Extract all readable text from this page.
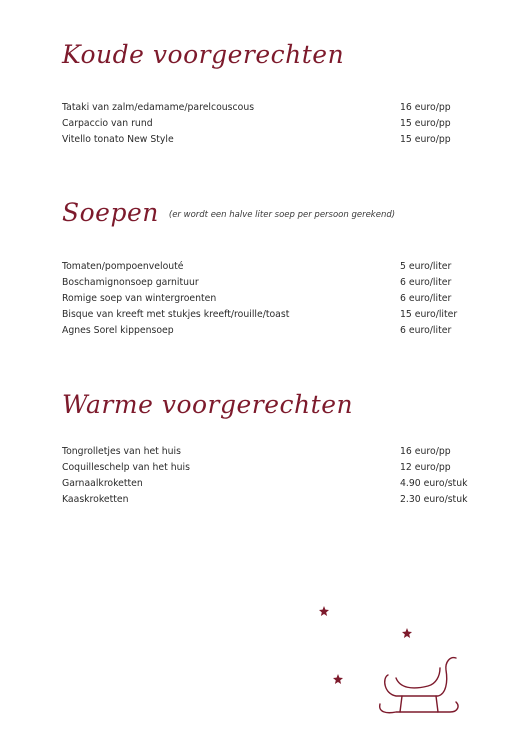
Koude voorgerechten
Tataki van zalm/edamame/parelcouscous	16 euro/pp
Carpaccio van rund	15 euro/pp
Vitello tonato New Style	15 euro/pp
Soepen (er wordt een halve liter soep per persoon gerekend)
Tomaten/pompoenvelouté	5 euro/liter
Boschamignonsoep garnituur	6 euro/liter
Romige soep van wintergroenten	6 euro/liter
Bisque van kreeft met stukjes kreeft/rouille/toast	15 euro/liter
Agnes Sorel kippensoep	6 euro/liter
Warme voorgerechten
Tongrolletjes van het huis	16 euro/pp
Coquilleschelp van het huis	12 euro/pp
Garnaalkroketten	4.90 euro/stuk
Kaaskroketten	2.30 euro/stuk
